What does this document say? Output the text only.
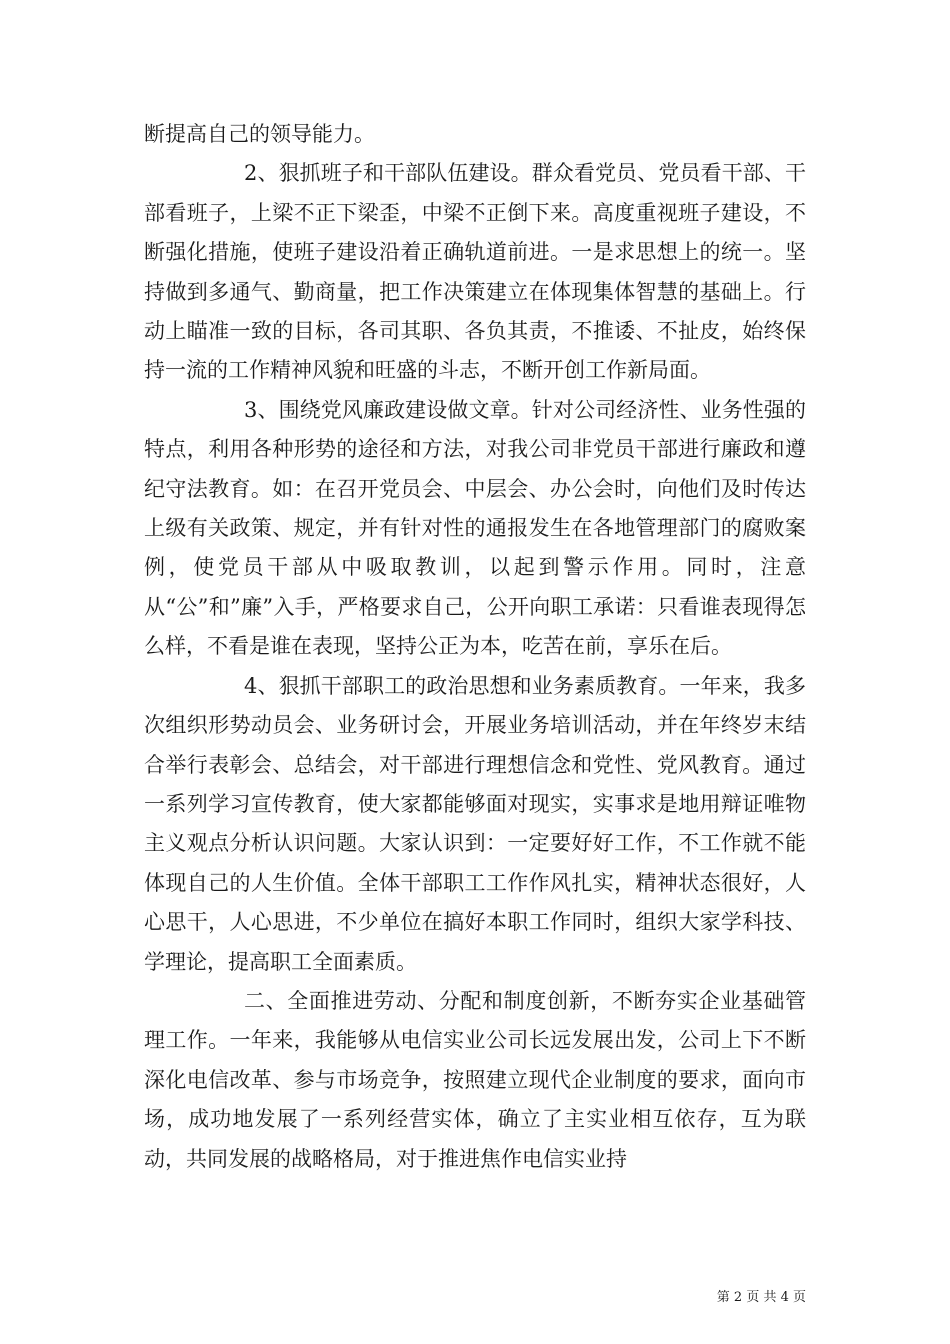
断提高自己的领导能力。

2、狠抓班子和干部队伍建设。群众看党员、党员看干部、干部看班子，上梁不正下梁歪，中梁不正倒下来。高度重视班子建设，不断强化措施，使班子建设沿着正确轨道前进。一是求思想上的统一。坚持做到多通气、勤商量，把工作决策建立在体现集体智慧的基础上。行动上瞄准一致的目标，各司其职、各负其责，不推诿、不扯皮，始终保持一流的工作精神风貌和旺盛的斗志，不断开创工作新局面。

3、围绕党风廉政建设做文章。针对公司经济性、业务性强的特点，利用各种形势的途径和方法，对我公司非党员干部进行廉政和遵纪守法教育。如：在召开党员会、中层会、办公会时，向他们及时传达上级有关政策、规定，并有针对性的通报发生在各地管理部门的腐败案例，使党员干部从中吸取教训，以起到警示作用。同时，注意从“公”和”廉”入手，严格要求自己，公开向职工承诺：只看谁表现得怎么样，不看是谁在表现，坚持公正为本，吃苦在前，享乐在后。

4、狠抓干部职工的政治思想和业务素质教育。一年来，我多次组织形势动员会、业务研讨会，开展业务培训活动，并在年终岁末结合举行表彰会、总结会，对干部进行理想信念和党性、党风教育。通过一系列学习宣传教育，使大家都能够面对现实，实事求是地用辩证唯物主义观点分析认识问题。大家认识到：一定要好好工作，不工作就不能体现自己的人生价值。全体干部职工工作作风扎实，精神状态很好，人心思干，人心思进，不少单位在搞好本职工作同时，组织大家学科技、学理论，提高职工全面素质。

二、全面推进劳动、分配和制度创新，不断夯实企业基础管理工作。一年来，我能够从电信实业公司长远发展出发，公司上下不断深化电信改革、参与市场竞争，按照建立现代企业制度的要求，面向市场，成功地发展了一系列经营实体，确立了主实业相互依存，互为联动，共同发展的战略格局，对于推进焦作电信实业持

第 2 页 共 4 页
